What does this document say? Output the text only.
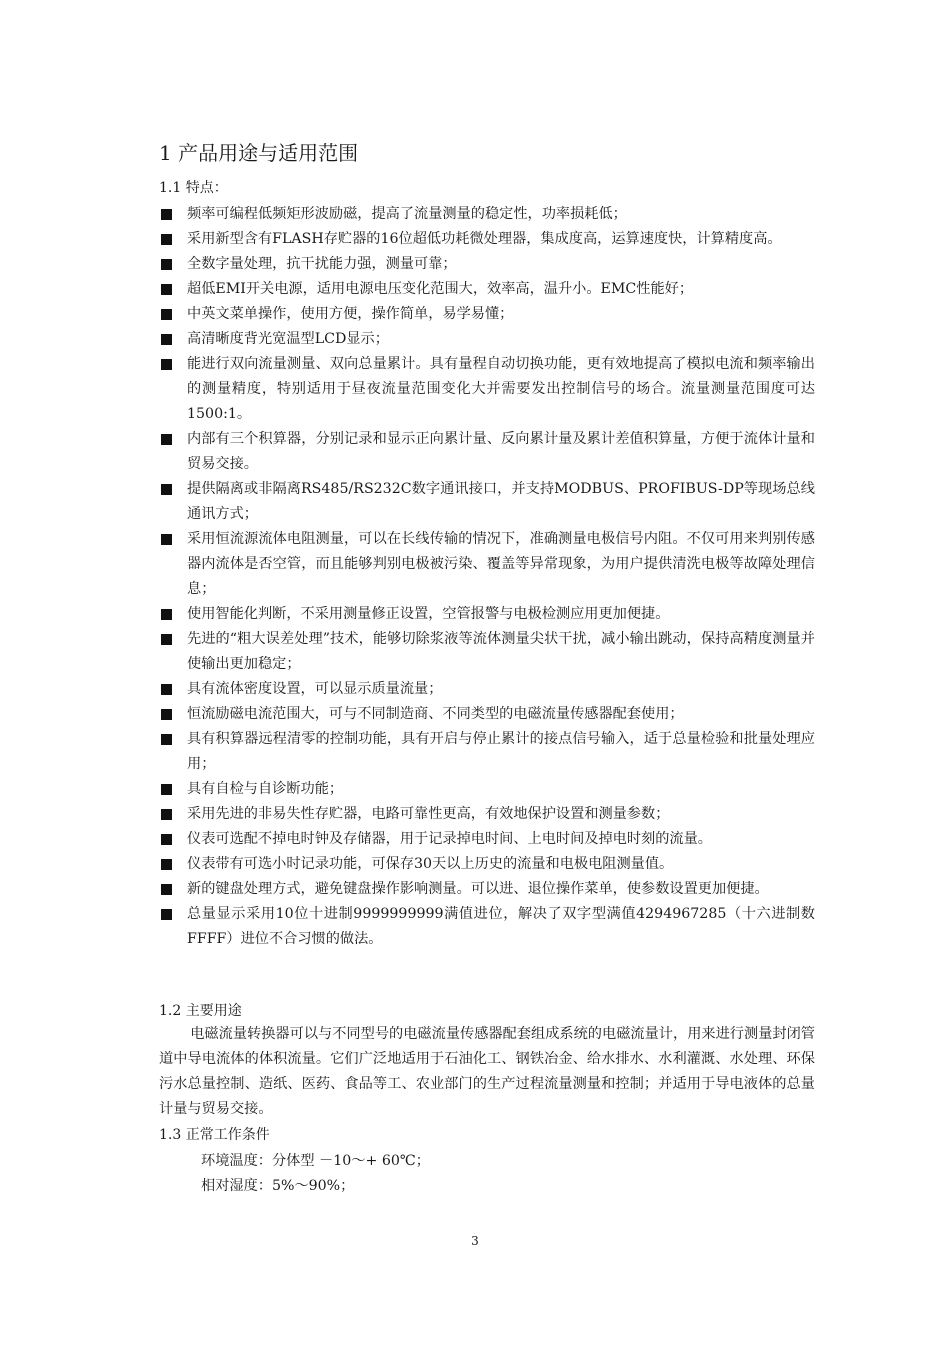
1 产品用途与适用范围
1.1 特点：
频率可编程低频矩形波励磁，提高了流量测量的稳定性，功率损耗低；
采用新型含有FLASH存贮器的16位超低功耗微处理器，集成度高，运算速度快，计算精度高。
全数字量处理，抗干扰能力强，测量可靠；
超低EMI开关电源，适用电源电压变化范围大，效率高，温升小。EMC性能好；
中英文菜单操作，使用方便，操作简单，易学易懂；
高清晰度背光宽温型LCD显示；
能进行双向流量测量、双向总量累计。具有量程自动切换功能，更有效地提高了模拟电流和频率输出的测量精度，特别适用于昼夜流量范围变化大并需要发出控制信号的场合。流量测量范围度可达1500:1。
内部有三个积算器，分别记录和显示正向累计量、反向累计量及累计差值积算量，方便于流体计量和贸易交接。
提供隔离或非隔离RS485/RS232C数字通讯接口，并支持MODBUS、PROFIBUS-DP等现场总线通讯方式；
采用恒流源流体电阻测量，可以在长线传输的情况下，准确测量电极信号内阻。不仅可用来判别传感器内流体是否空管，而且能够判别电极被污染、覆盖等异常现象，为用户提供清洗电极等故障处理信息；
使用智能化判断，不采用测量修正设置，空管报警与电极检测应用更加便捷。
先进的“粗大误差处理”技术，能够切除浆液等流体测量尖状干扰，减小输出跳动，保持高精度测量并使输出更加稳定；
具有流体密度设置，可以显示质量流量；
恒流励磁电流范围大，可与不同制造商、不同类型的电磁流量传感器配套使用；
具有积算器远程清零的控制功能，具有开启与停止累计的接点信号输入，适于总量检验和批量处理应用；
具有自检与自诊断功能；
采用先进的非易失性存贮器，电路可靠性更高，有效地保护设置和测量参数；
仪表可选配不掉电时钟及存储器，用于记录掉电时间、上电时间及掉电时刻的流量。
仪表带有可选小时记录功能，可保存30天以上历史的流量和电极电阻测量值。
新的键盘处理方式，避免键盘操作影响测量。可以进、退位操作菜单，使参数设置更加便捷。
总量显示采用10位十进制9999999999满值进位，解决了双字型满值4294967285（十六进制数FFFF）进位不合习惯的做法。
1.2 主要用途
电磁流量转换器可以与不同型号的电磁流量传感器配套组成系统的电磁流量计，用来进行测量封闭管道中导电流体的体积流量。它们广泛地适用于石油化工、钢铁冶金、给水排水、水利灌溉、水处理、环保污水总量控制、造纸、医药、食品等工、农业部门的生产过程流量测量和控制；并适用于导电液体的总量计量与贸易交接。
1.3 正常工作条件
环境温度：分体型 －10～+ 60℃；
相对湿度：5%～90%；
3
